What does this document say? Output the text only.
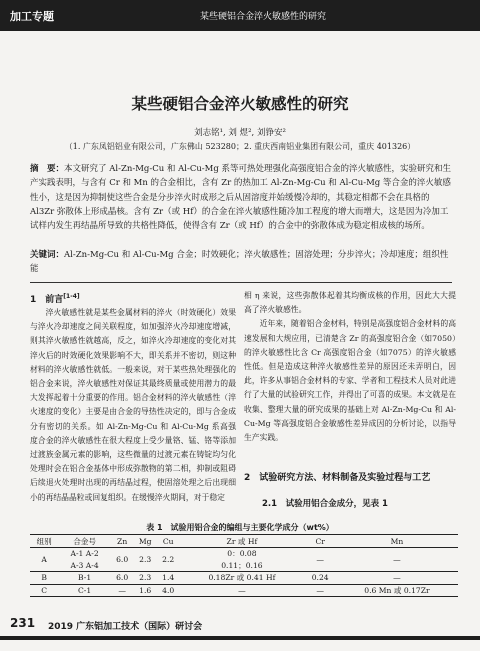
加工专题	某些硬铝合金淬火敏感性的研究
某些硬铝合金淬火敏感性的研究
刘志铭¹, 刘 煜², 刘铮安²
（1. 广东凤铝铝业有限公司，广东佛山 523280；2. 重庆西南铝业集团有限公司，重庆 401326）
摘　要：本文研究了 Al-Zn-Mg-Cu 和 Al-Cu-Mg 系等可热处理强化高强度铝合金的淬火敏感性，实验研究和生产实践表明，与含有 Cr 和 Mn 的合金相比，含有 Zr 的热加工 Al-Zn-Mg-Cu 和 Al-Cu-Mg 等合金的淬火敏感性小，这是因为抑制使这些合金是分步淬火时成形之后从固溶度并始缓慢冷却的，其稳定相都不会在具格的 Al3Zr 弥散体上形成晶核。含有 Zr（或 Hf）的合金在淬火敏感性随冷加工程度的增大而增大，这是因为冷加工试样内发生再结晶所导致的共格性降低，使得含有 Zr（或 Hf）的合金中的弥散体成为稳定相成核的场所。
关键词：Al-Zn-Mg-Cu 和 Al-Cu-Mg 合金；时效硬化；淬火敏感性；固溶处理；分步淬火；冷却速度；组织性能
1　 前言[1-4]

淬火敏感性就是某些金属材料的淬火（时效硬化）效果与淬火冷却速度之间关联程度，如加强淬火冷却速度增减，则其淬火敏感性就越高，反之，如淬火冷却速度的变化对其淬火后的时效硬化效果影响不大，即关系并不密切，则这种材料的淬火敏感性就低。一般来说，对于某些热处理强化的铝合金来说，淬火敏感性对保证其最终质量或使用潜力的最大发挥起着十分重要的作用。铝合金材料的淬火敏感性（淬火速度的变化）主要是由合金的导热性决定的，即与合金成分有密切的关系。如 Al-Zn-Mg-Cu 和 Al-Cu-Mg 系高强度合金的淬火敏感性在很大程度上受少量铬、锰、铬等添加过渡族金属元素的影响，这些微量的过渡元素在铸锭均匀化处理时会在铝合金基体中形成弥散物的第二相，抑制或阻碍后续退火处理时出现的再结晶过程，使固溶处理之后出现细小的再结晶晶粒或回复组织。在缓慢淬火期间，对于稳定

相 η 来说，这些弥散体起着其均衡成核的作用，因此大大提高了淬火敏感性。

近年来，随着铝合金材料，特别是高强度铝合金材料的高速发展和大规应用，已清楚含 Zr 的高强度铝合金（如7050）的淬火敏感性比含 Cr 高强度铝合金（如7075）的淬火敏感性低。但是造成这种淬火敏感性差异的原因还未弄明白，因此，许多从事铝合金材料的专家、学者和工程技术人员对此进行了大量的试验研究工作，并得出了可喜的成果。本文就是在收集、整理大量的研究成果的基础上对 Al-Zn-Mg-Cu 和 Al-Cu-Mg 等高强度铝合金敏感性差异成因的分析讨论，以指导生产实践。

2　 试验研究方法、材料制备及实验过程与工艺
2.1　 试验用铝合金成分，见表 1
表 1　试验用铝合金的编组与主要化学成分（wt%）
组别	合金号	Zn	Mg	Cu	Zr 或 Hf	Cr	Mn
A	A-1 A-2	6.0	2.3	2.2	0：0.08	—	—
	A-3 A-4				0.11；0.16		
B	B-1	6.0	2.3	1.4	0.18Zr 或 0.41 Hf	0.24	—
C	C-1	—	1.6	4.0	—	—	0.6 Mn 或 0.17Zr
231 2019 广东铝加工技术（国际）研讨会
